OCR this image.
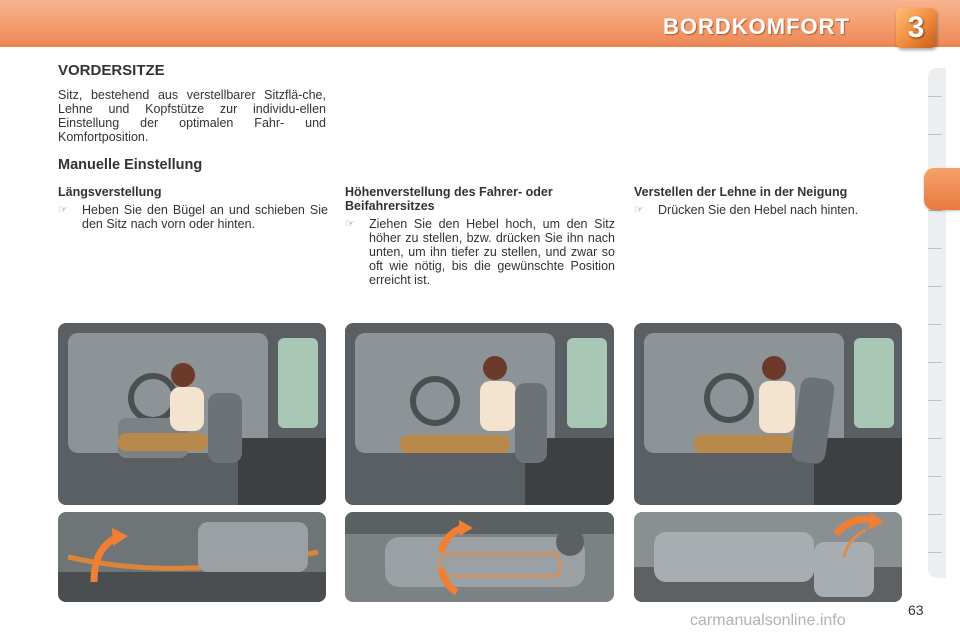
BORDKOMFORT	3
VORDERSITZE

Sitz, bestehend aus verstellbarer Sitzflä-che, Lehne und Kopfstütze zur individu-ellen Einstellung der optimalen Fahr- und Komfortposition.

Manuelle Einstellung
Längsverstellung
☞	Heben Sie den Bügel an und schieben Sie den Sitz nach vorn oder hinten.
Höhenverstellung des Fahrer- oder Beifahrersitzes
☞	Ziehen Sie den Hebel hoch, um den Sitz höher zu stellen, bzw. drücken Sie ihn nach unten, um ihn tiefer zu stellen, und zwar so oft wie nötig, bis die gewünschte Position erreicht ist.
Verstellen der Lehne in der Neigung
☞	Drücken Sie den Hebel nach hinten.
63
carmanualsonline.info
